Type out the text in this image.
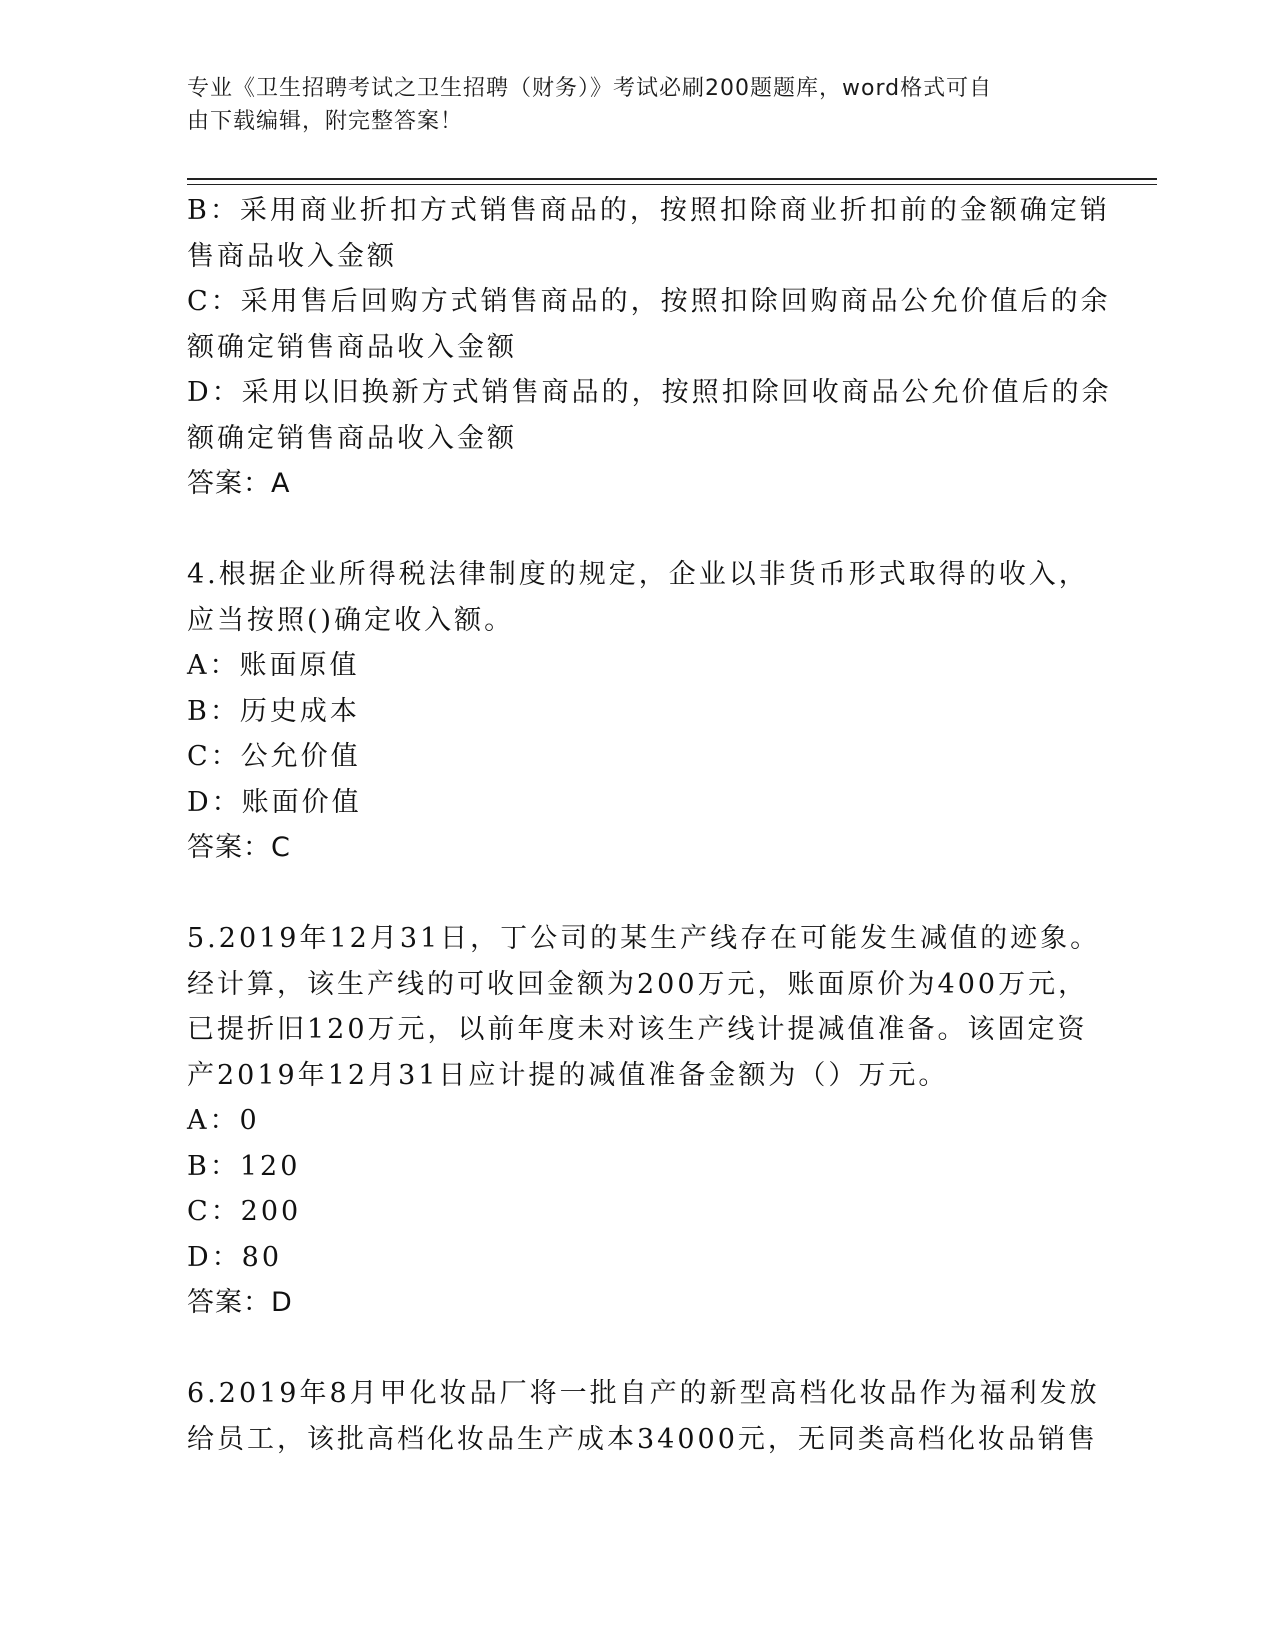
专业《卫生招聘考试之卫生招聘（财务）》考试必刷200题题库，word格式可自
由下载编辑，附完整答案！

B：采用商业折扣方式销售商品的，按照扣除商业折扣前的金额确定销

售商品收入金额

C：采用售后回购方式销售商品的，按照扣除回购商品公允价值后的余

额确定销售商品收入金额

D：采用以旧换新方式销售商品的，按照扣除回收商品公允价值后的余

额确定销售商品收入金额

答案：A

4.根据企业所得税法律制度的规定，企业以非货币形式取得的收入，

应当按照()确定收入额。

A：账面原值

B：历史成本

C：公允价值

D：账面价值

答案：C

5.2019年12月31日，丁公司的某生产线存在可能发生减值的迹象。

经计算，该生产线的可收回金额为200万元，账面原价为400万元，

已提折旧120万元，以前年度未对该生产线计提减值准备。该固定资

产2019年12月31日应计提的减值准备金额为（）万元。

A：0

B：120

C：200

D：80

答案：D

6.2019年8月甲化妆品厂将一批自产的新型高档化妆品作为福利发放

给员工，该批高档化妆品生产成本34000元，无同类高档化妆品销售
